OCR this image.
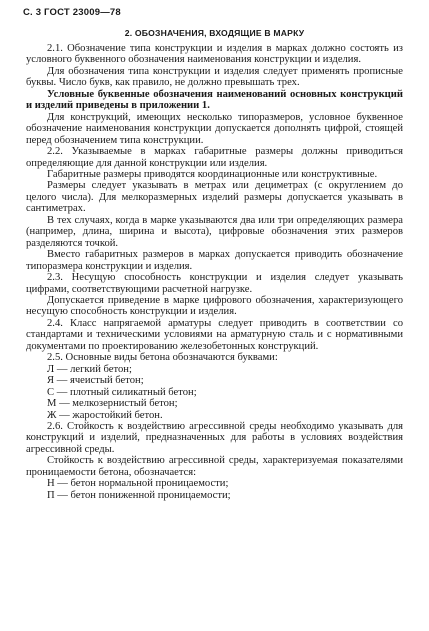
С. 3 ГОСТ 23009—78
2. ОБОЗНАЧЕНИЯ, ВХОДЯЩИЕ В МАРКУ

2.1. Обозначение типа конструкции и изделия в марках должно состоять из условного буквенного обозначения наименования конструкции и изделия.

Для обозначения типа конструкции и изделия следует применять прописные буквы. Число букв, как правило, не должно превышать трех.

Условные буквенные обозначения наименований основных конструкций и изделий приведены в приложении 1.

Для конструкций, имеющих несколько типоразмеров, условное буквенное обозначение наименования конструкции допускается дополнять цифрой, стоящей перед обозначением типа конструкции.

2.2. Указываемые в марках габаритные размеры должны приводиться определяющие для данной конструкции или изделия.

Габаритные размеры приводятся координационные или конструктивные.

Размеры следует указывать в метрах или дециметрах (с округлением до целого числа). Для мелкоразмерных изделий размеры допускается указывать в сантиметрах.

В тех случаях, когда в марке указываются два или три определяющих размера (например, длина, ширина и высота), цифровые обозначения этих размеров разделяются точкой.

Вместо габаритных размеров в марках допускается приводить обозначение типоразмера конструкции и изделия.

2.3. Несущую способность конструкции и изделия следует указывать цифрами, соответствующими расчетной нагрузке.

Допускается приведение в марке цифрового обозначения, характеризующего несущую способность конструкции и изделия.

2.4. Класс напрягаемой арматуры следует приводить в соответствии со стандартами и техническими условиями на арматурную сталь и с нормативными документами по проектированию железобетонных конструкций.

2.5. Основные виды бетона обозначаются буквами:

Л — легкий бетон;
Я — ячеистый бетон;
С — плотный силикатный бетон;
М — мелкозернистый бетон;
Ж — жаростойкий бетон.

2.6. Стойкость к воздействию агрессивной среды необходимо указывать для конструкций и изделий, предназначенных для работы в условиях воздействия агрессивной среды.

Стойкость к воздействию агрессивной среды, характеризуемая показателями проницаемости бетона, обозначается:

Н — бетон нормальной проницаемости;
П — бетон пониженной проницаемости;
